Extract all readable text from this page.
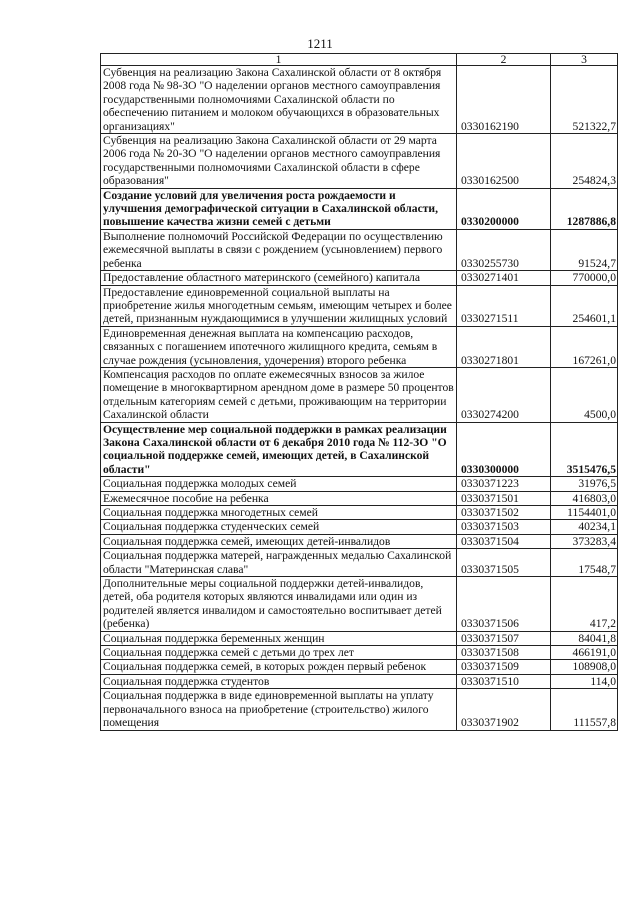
1211
1	2	3
Субвенция на реализацию Закона Сахалинской области от 8 октября 2008 года № 98-ЗО "О наделении органов местного самоуправления государственными полномочиями Сахалинской области по обеспечению питанием и молоком обучающихся в образовательных организациях"	0330162190	521322,7
Субвенция на реализацию Закона Сахалинской области от 29 марта 2006 года № 20-ЗО "О наделении органов местного самоуправления государственными полномочиями Сахалинской области в сфере образования"	0330162500	254824,3
Создание условий для увеличения роста рождаемости и улучшения демографической ситуации в Сахалинской области, повышение качества жизни семей с детьми	0330200000	1287886,8
Выполнение полномочий Российской Федерации по осуществлению ежемесячной выплаты в связи с рождением (усыновлением) первого ребенка	0330255730	91524,7
Предоставление областного материнского (семейного) капитала	0330271401	770000,0
Предоставление единовременной социальной выплаты на приобретение жилья многодетным семьям, имеющим четырех и более детей, признанным нуждающимися в улучшении жилищных условий	0330271511	254601,1
Единовременная денежная выплата на компенсацию расходов, связанных с погашением ипотечного жилищного кредита, семьям в случае рождения (усыновления, удочерения) второго ребенка	0330271801	167261,0
Компенсация расходов по оплате ежемесячных взносов за жилое помещение в многоквартирном арендном доме в размере 50 процентов отдельным категориям семей с детьми, проживающим на территории Сахалинской области	0330274200	4500,0
Осуществление мер социальной поддержки в рамках реализации Закона Сахалинской области от 6 декабря 2010 года № 112-ЗО "О социальной поддержке семей, имеющих детей, в Сахалинской области"	0330300000	3515476,5
Социальная поддержка молодых семей	0330371223	31976,5
Ежемесячное пособие на ребенка	0330371501	416803,0
Социальная поддержка многодетных семей	0330371502	1154401,0
Социальная поддержка студенческих семей	0330371503	40234,1
Социальная поддержка семей, имеющих детей-инвалидов	0330371504	373283,4
Социальная поддержка матерей, награжденных медалью Сахалинской области "Материнская слава"	0330371505	17548,7
Дополнительные меры социальной поддержки детей-инвалидов, детей, оба родителя которых являются инвалидами или один из родителей является инвалидом и самостоятельно воспитывает детей (ребенка)	0330371506	417,2
Социальная поддержка беременных женщин	0330371507	84041,8
Социальная поддержка семей с детьми до трех лет	0330371508	466191,0
Социальная поддержка семей, в которых рожден первый ребенок	0330371509	108908,0
Социальная поддержка студентов	0330371510	114,0
Социальная поддержка в виде единовременной выплаты на уплату первоначального взноса на приобретение (строительство) жилого помещения	0330371902	111557,8
